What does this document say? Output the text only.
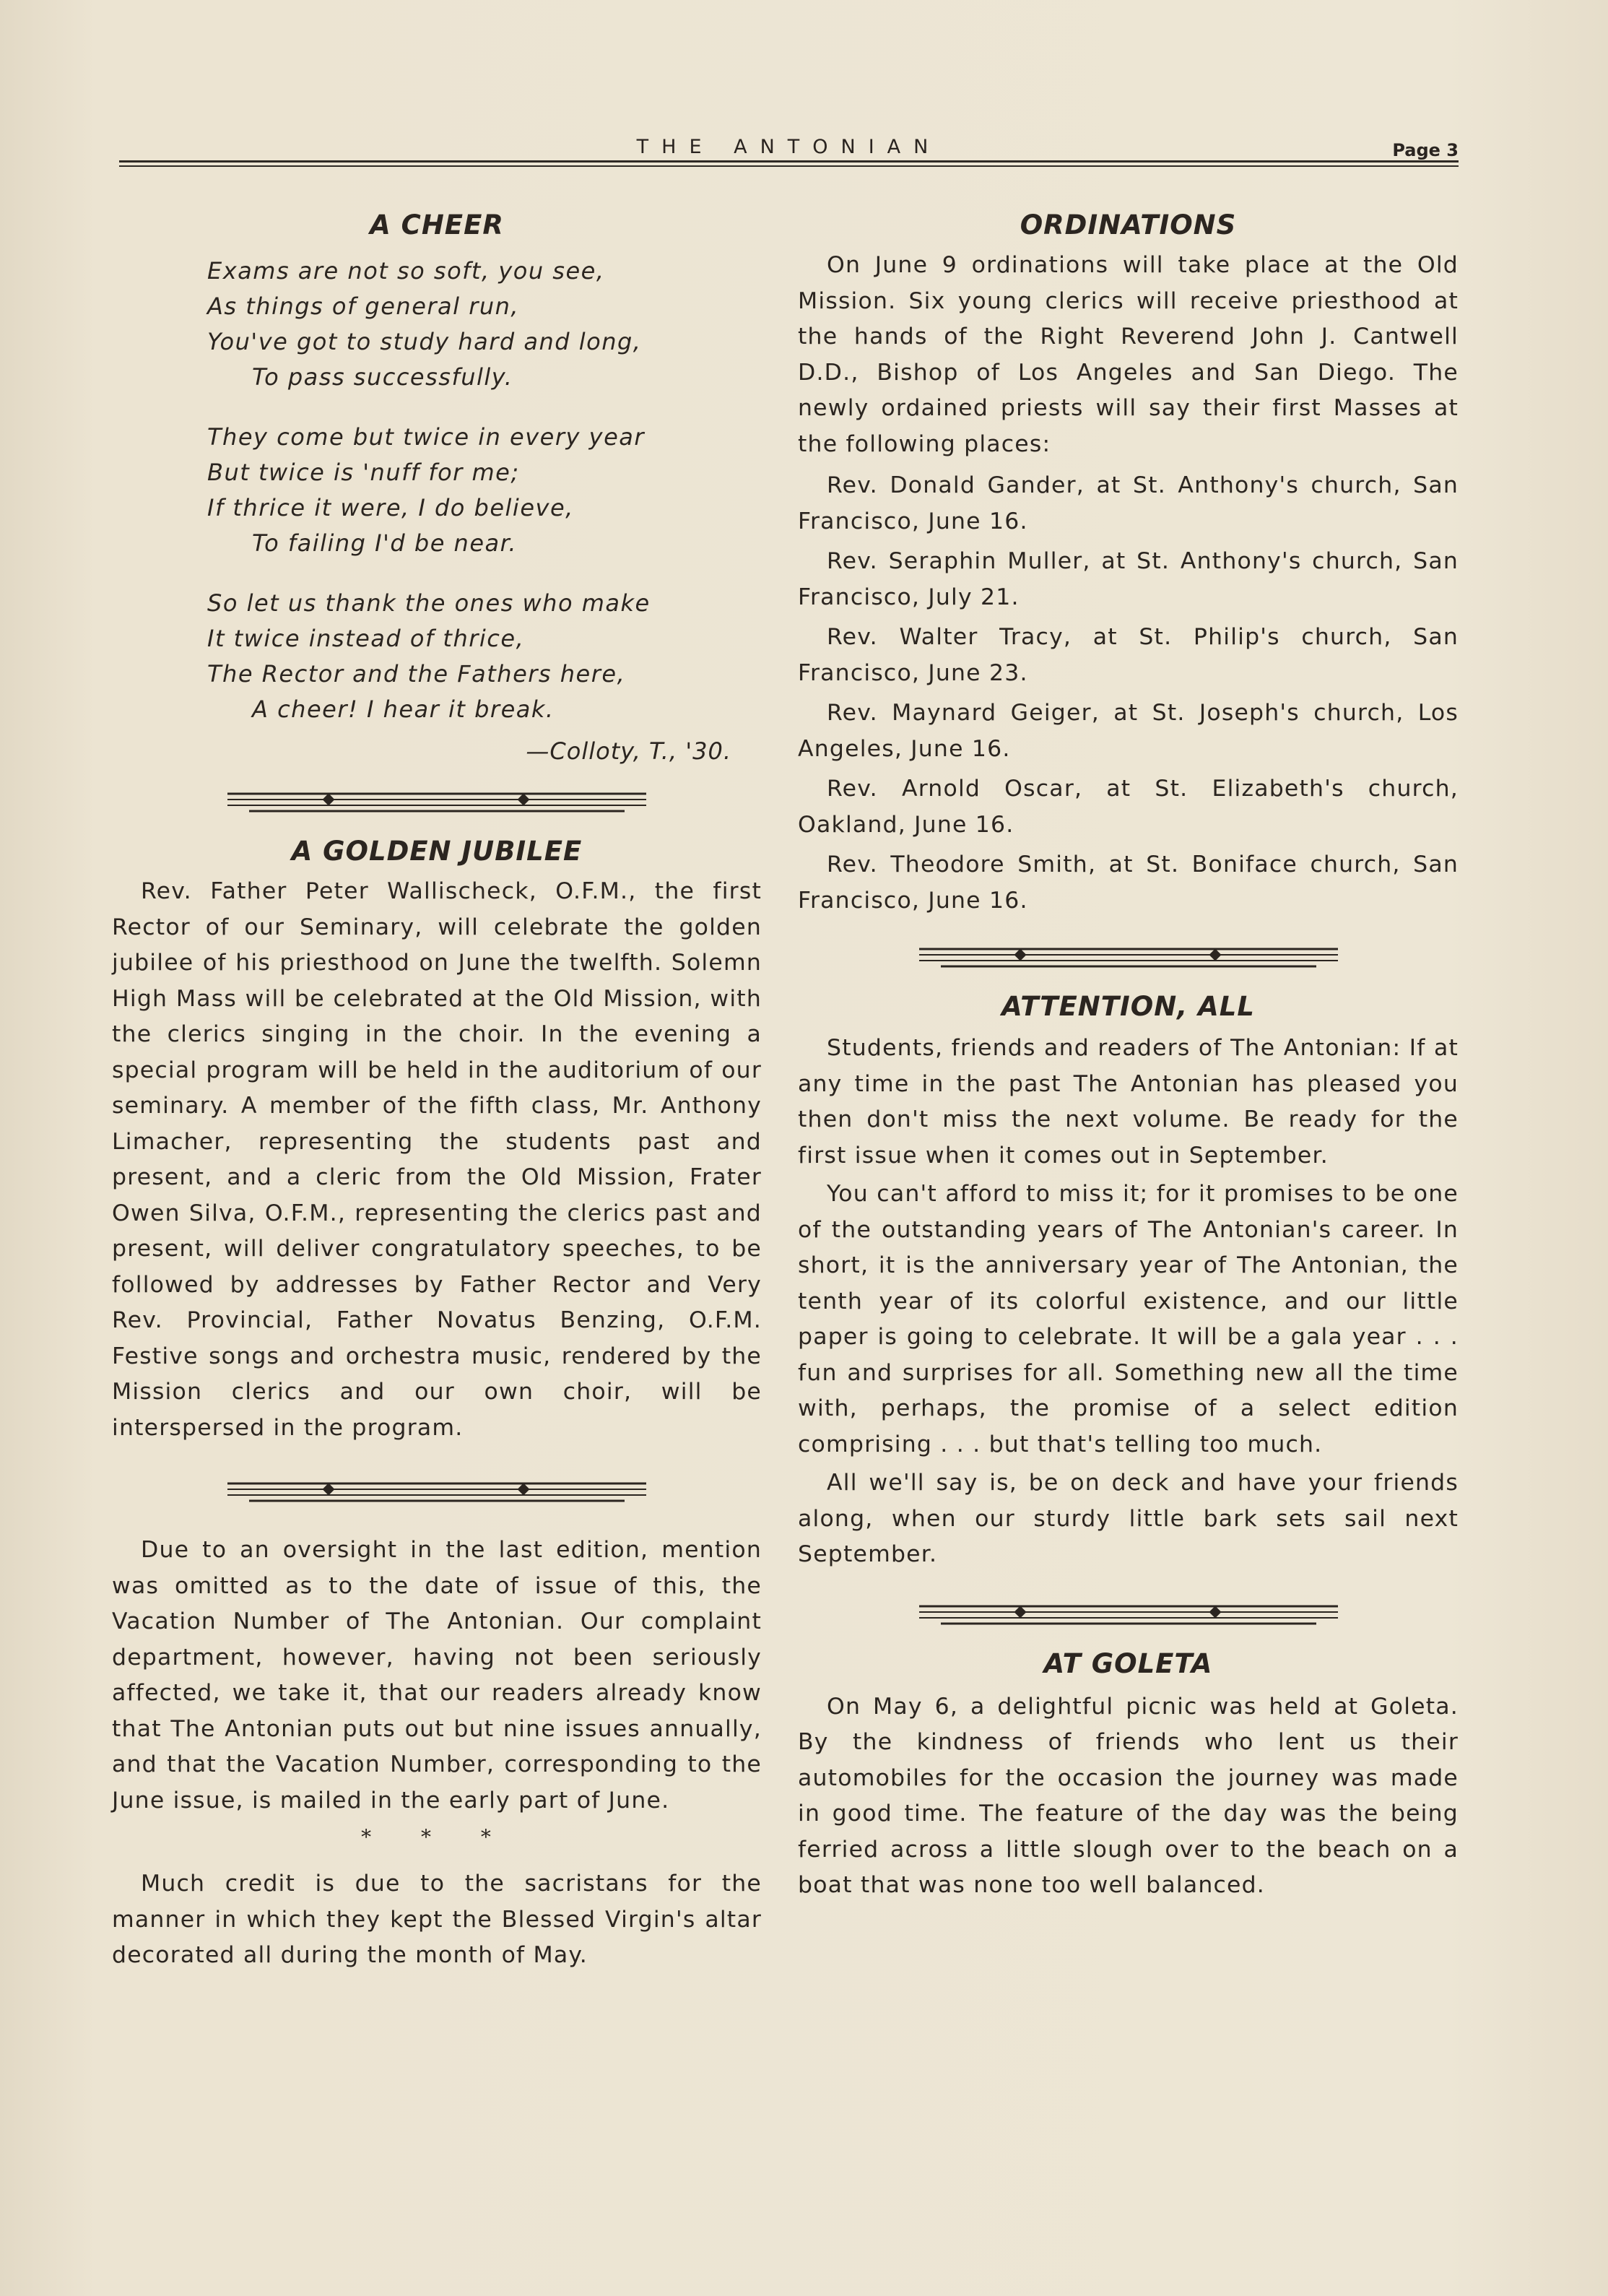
THE ANTONIAN	Page 3
A CHEER
Exams are not so soft, you see,
As things of general run,
You've got to study hard and long,
To pass successfully.
They come but twice in every year
But twice is 'nuff for me;
If thrice it were, I do believe,
To failing I'd be near.
So let us thank the ones who make
It twice instead of thrice,
The Rector and the Fathers here,
A cheer! I hear it break.
—Colloty, T., '30.
A GOLDEN JUBILEE

Rev. Father Peter Wallischeck, O.F.M., the first Rector of our Seminary, will celebrate the golden jubilee of his priesthood on June the twelfth. Solemn High Mass will be celebrated at the Old Mission, with the clerics singing in the choir. In the evening a special program will be held in the auditorium of our seminary. A member of the fifth class, Mr. Anthony Limacher, representing the students past and present, and a cleric from the Old Mission, Frater Owen Silva, O.F.M., representing the clerics past and present, will deliver congratulatory speeches, to be followed by addresses by Father Rector and Very Rev. Provincial, Father Novatus Benzing, O.F.M. Festive songs and orchestra music, rendered by the Mission clerics and our own choir, will be interspersed in the program.

Due to an oversight in the last edition, mention was omitted as to the date of issue of this, the Vacation Number of The Antonian. Our complaint department, however, having not been seriously affected, we take it, that our readers already know that The Antonian puts out but nine issues annually, and that the Vacation Number, corresponding to the June issue, is mailed in the early part of June.

* * *

Much credit is due to the sacristans for the manner in which they kept the Blessed Virgin's altar decorated all during the month of May.

ORDINATIONS

On June 9 ordinations will take place at the Old Mission. Six young clerics will receive priesthood at the hands of the Right Reverend John J. Cantwell D.D., Bishop of Los Angeles and San Diego. The newly ordained priests will say their first Masses at the following places:

Rev. Donald Gander, at St. Anthony's church, San Francisco, June 16.

Rev. Seraphin Muller, at St. Anthony's church, San Francisco, July 21.

Rev. Walter Tracy, at St. Philip's church, San Francisco, June 23.

Rev. Maynard Geiger, at St. Joseph's church, Los Angeles, June 16.

Rev. Arnold Oscar, at St. Elizabeth's church, Oakland, June 16.

Rev. Theodore Smith, at St. Boniface church, San Francisco, June 16.

ATTENTION, ALL

Students, friends and readers of The Antonian: If at any time in the past The Antonian has pleased you then don't miss the next volume. Be ready for the first issue when it comes out in September.

You can't afford to miss it; for it promises to be one of the outstanding years of The Antonian's career. In short, it is the anniversary year of The Antonian, the tenth year of its colorful existence, and our little paper is going to celebrate. It will be a gala year . . . fun and surprises for all. Something new all the time with, perhaps, the promise of a select edition comprising . . . but that's telling too much.

All we'll say is, be on deck and have your friends along, when our sturdy little bark sets sail next September.

AT GOLETA

On May 6, a delightful picnic was held at Goleta. By the kindness of friends who lent us their automobiles for the occasion the journey was made in good time. The feature of the day was the being ferried across a little slough over to the beach on a boat that was none too well balanced.
